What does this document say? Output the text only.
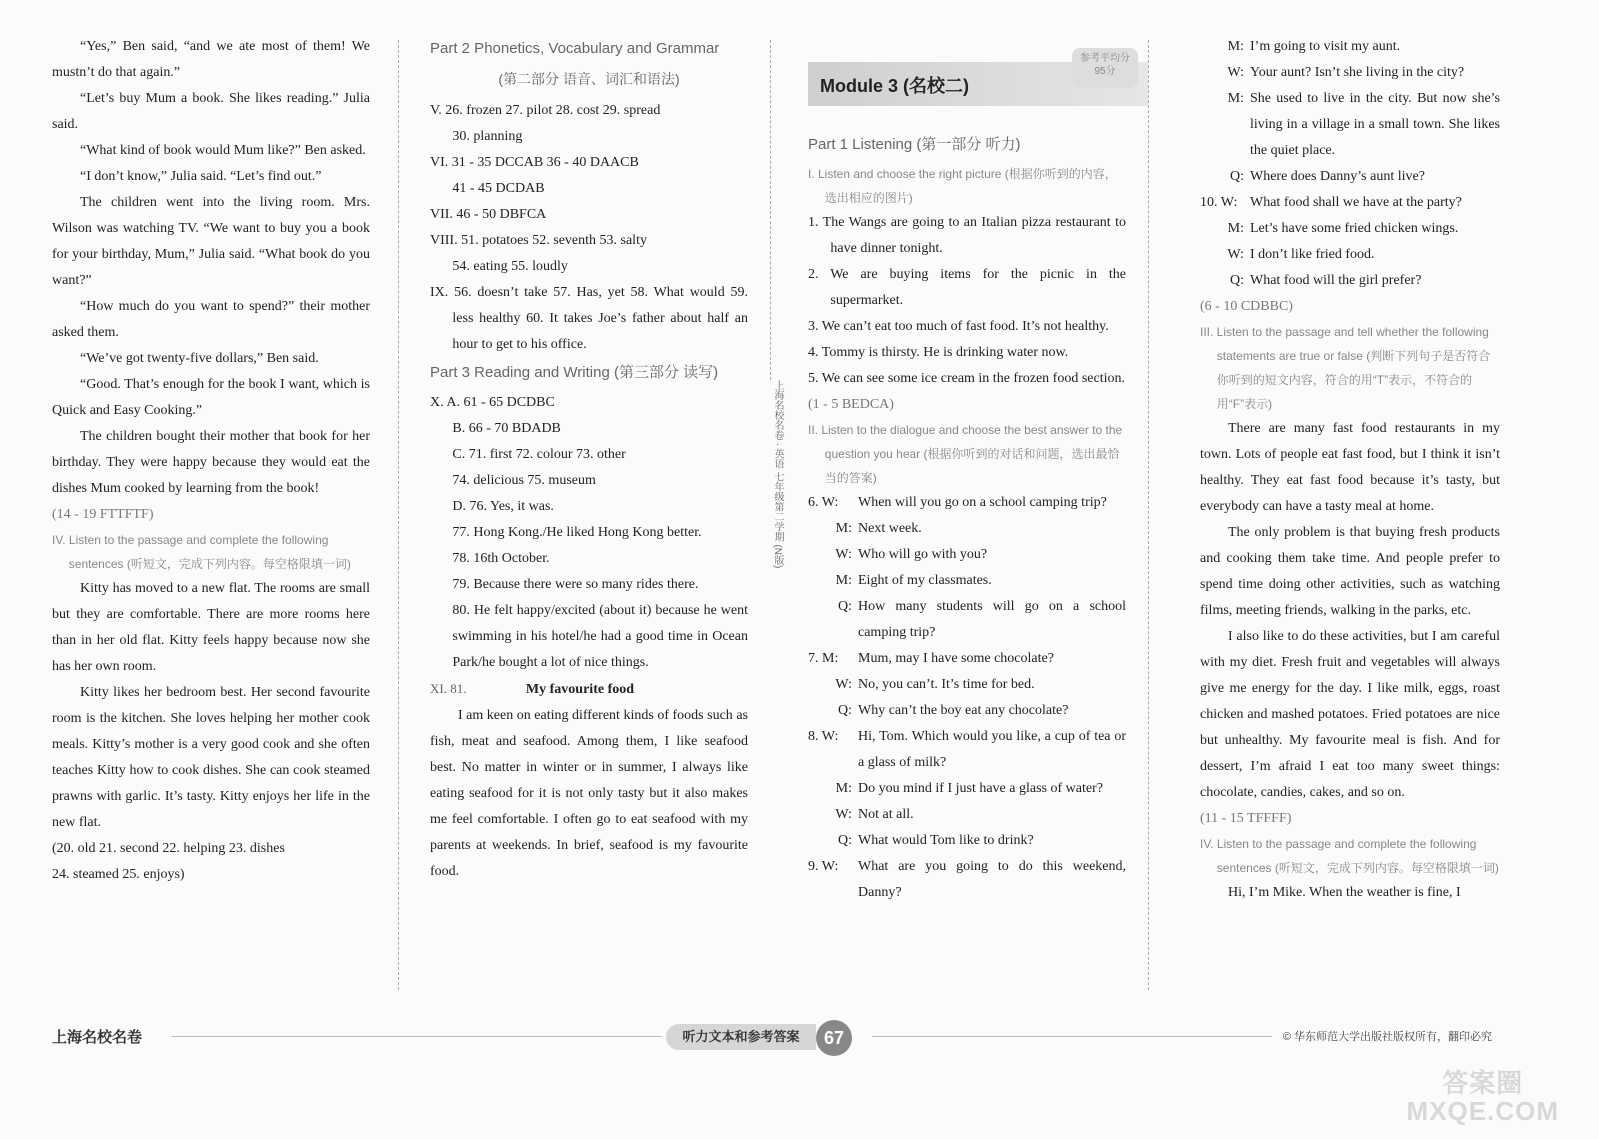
“Yes,” Ben said, “and we ate most of them! We mustn’t do that again.”

“Let’s buy Mum a book. She likes reading.” Julia said.

“What kind of book would Mum like?” Ben asked.

“I don’t know,” Julia said. “Let’s find out.”

The children went into the living room. Mrs. Wilson was watching TV. “We want to buy you a book for your birthday, Mum,” Julia said. “What book do you want?”

“How much do you want to spend?” their mother asked them.

“We’ve got twenty-five dollars,” Ben said.

“Good. That’s enough for the book I want, which is Quick and Easy Cooking.”

The children bought their mother that book for her birthday. They were happy because they would eat the dishes Mum cooked by learning from the book!

(14 - 19 FTTFTF)

IV. Listen to the passage and complete the following sentences (听短文，完成下列内容。每空格限填一词)

Kitty has moved to a new flat. The rooms are small but they are comfortable. There are more rooms here than in her old flat. Kitty feels happy because now she has her own room.

Kitty likes her bedroom best. Her second favourite room is the kitchen. She loves helping her mother cook meals. Kitty’s mother is a very good cook and she often teaches Kitty how to cook dishes. She can cook steamed prawns with garlic. It’s tasty. Kitty enjoys her life in the new flat.

(20. old 21. second 22. helping 23. dishes

24. steamed 25. enjoys)

Part 2 Phonetics, Vocabulary and Grammar

(第二部分 语音、词汇和语法)

V. 26. frozen 27. pilot 28. cost 29. spread

30. planning

VI. 31 - 35 DCCAB 36 - 40 DAACB

41 - 45 DCDAB

VII. 46 - 50 DBFCA

VIII. 51. potatoes 52. seventh 53. salty

54. eating 55. loudly

IX. 56. doesn’t take 57. Has, yet 58. What would 59. less healthy 60. It takes Joe’s father about half an hour to get to his office.

Part 3 Reading and Writing (第三部分 读写)

X. A. 61 - 65 DCDBC

B. 66 - 70 BDADB

C. 71. first 72. colour 73. other

74. delicious 75. museum

D. 76. Yes, it was.

77. Hong Kong./He liked Hong Kong better.

78. 16th October.

79. Because there were so many rides there.

80. He felt happy/excited (about it) because he went swimming in his hotel/he had a good time in Ocean Park/he bought a lot of nice things.

XI. 81.	My favourite food

I am keen on eating different kinds of foods such as fish, meat and seafood. Among them, I like seafood best. No matter in winter or in summer, I always like eating seafood for it is not only tasty but it also makes me feel comfortable. I often go to eat seafood with my parents at weekends. In brief, seafood is my favourite food.

上海名校名卷 · 英语 七年级第二学期 (N版)
Module 3 (名校二)
参考平均分
95分

Part 1 Listening (第一部分 听力)

I. Listen and choose the right picture (根据你听到的内容，选出相应的图片)

1. The Wangs are going to an Italian pizza restaurant to have dinner tonight.

2. We are buying items for the picnic in the supermarket.

3. We can’t eat too much of fast food. It’s not healthy.

4. Tommy is thirsty. He is drinking water now.

5. We can see some ice cream in the frozen food section.

(1 - 5 BEDCA)

II. Listen to the dialogue and choose the best answer to the question you hear (根据你听到的对话和问题，选出最恰当的答案)

6. W:	When will you go on a school camping trip?

M: Next week.

W: Who will go with you?

M: Eight of my classmates.

Q: How many students will go on a school camping trip?

7. M:	Mum, may I have some chocolate?

W: No, you can’t. It’s time for bed.

Q: Why can’t the boy eat any chocolate?

8. W:	Hi, Tom. Which would you like, a cup of tea or a glass of milk?

M: Do you mind if I just have a glass of water?

W: Not at all.

Q: What would Tom like to drink?

9. W:	What are you going to do this weekend, Danny?

M: I’m going to visit my aunt.

W: Your aunt? Isn’t she living in the city?

M: She used to live in the city. But now she’s living in a village in a small town. She likes the quiet place.

Q: Where does Danny’s aunt live?

10. W: What food shall we have at the party?

M: Let’s have some fried chicken wings.

W: I don’t like fried food.

Q: What food will the girl prefer?

(6 - 10 CDBBC)

III. Listen to the passage and tell whether the following statements are true or false (判断下列句子是否符合你听到的短文内容，符合的用“T”表示，不符合的用“F”表示)

There are many fast food restaurants in my town. Lots of people eat fast food, but I think it isn’t healthy. They eat fast food because it’s tasty, but everybody can have a tasty meal at home.

The only problem is that buying fresh products and cooking them take time. And people prefer to spend time doing other activities, such as watching films, meeting friends, walking in the parks, etc.

I also like to do these activities, but I am careful with my diet. Fresh fruit and vegetables will always give me energy for the day. I like milk, eggs, roast chicken and mashed potatoes. Fried potatoes are nice but unhealthy. My favourite meal is fish. And for dessert, I’m afraid I eat too many sweet things: chocolate, candies, cakes, and so on.

(11 - 15 TFFFF)

IV. Listen to the passage and complete the following sentences (听短文，完成下列内容。每空格限填一词)

Hi, I’m Mike. When the weather is fine, I

上海名校名卷	听力文本和参考答案	67	© 华东师范大学出版社版权所有，翻印必究
答案圈
MXQE.COM
